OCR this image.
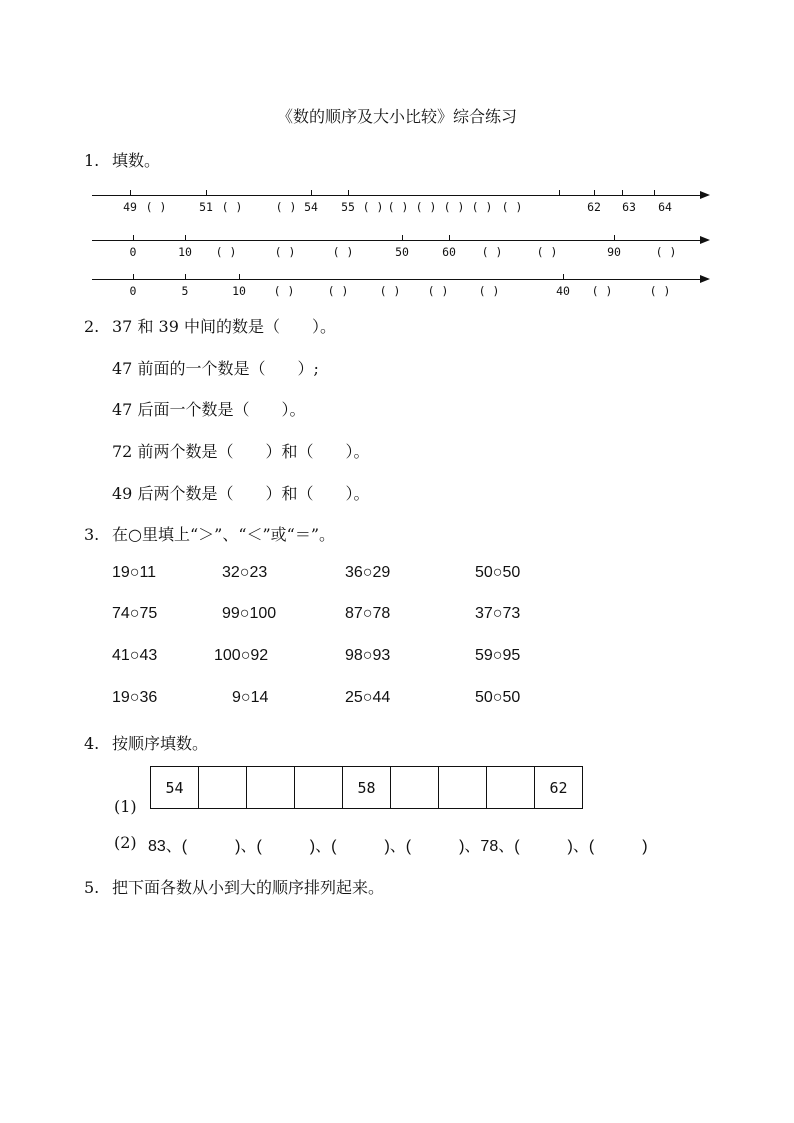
《数的顺序及大小比较》综合练习
1. 填数。
49 ( )	51 ( )	( ) 54 55 ( ) ( ) ( ) ( ) ( ) ( )	62 63 64
0	10 ( )	( )	( )	50	60 ( )	( )	90	( )
0	5	10 ( )	( )	( ) ( )	( )	40 ( )	( )
2. 37 和 39 中间的数是（　　）。
47 前面的一个数是（　　）;
47 后面一个数是（　　）。
72 前两个数是（　　）和（　　）。
49 后两个数是（　　）和（　　）。
3. 在○里填上“＞”、“＜”或“＝”。
19○11	32○23	36○29	50○50
74○75	99○100	87○78	37○73
41○43	100○92	98○93	59○95
19○36	9○14	25○44	50○50
4. 按顺序填数。
(1)
54	58	62
(2) 83、(　　　)、(　　　)、(　　　)、(　　　)、78、(　　　)、(　　　)
5. 把下面各数从小到大的顺序排列起来。
